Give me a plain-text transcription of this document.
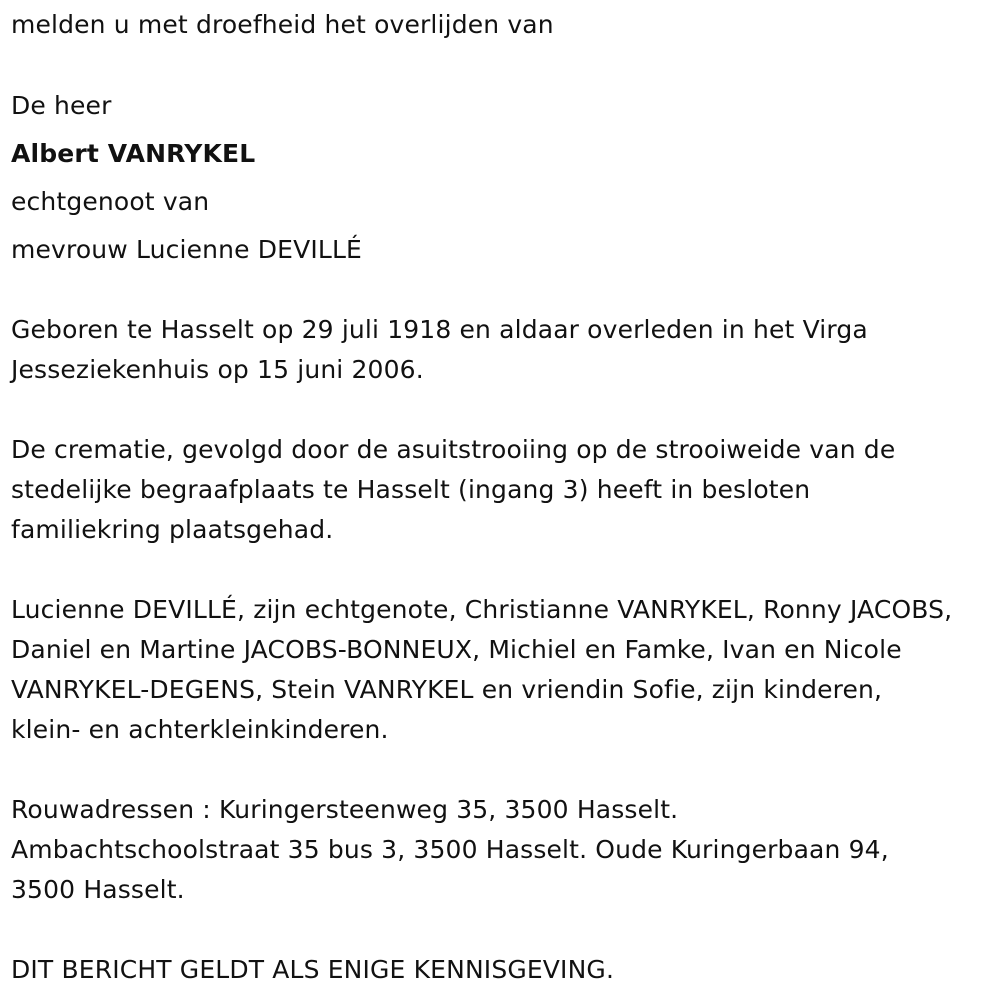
melden u met droefheid het overlijden van
De heer
Albert VANRYKEL
echtgenoot van
mevrouw Lucienne DEVILLÉ
Geboren te Hasselt op 29 juli 1918 en aldaar overleden in het Virga
Jesseziekenhuis op 15 juni 2006.
De crematie, gevolgd door de asuitstrooiing op de strooiweide van de
stedelijke begraafplaats te Hasselt (ingang 3) heeft in besloten
familiekring plaatsgehad.
Lucienne DEVILLÉ, zijn echtgenote, Christianne VANRYKEL, Ronny JACOBS,
Daniel en Martine JACOBS-BONNEUX, Michiel en Famke, Ivan en Nicole
VANRYKEL-DEGENS, Stein VANRYKEL en vriendin Sofie, zijn kinderen,
klein- en achterkleinkinderen.
Rouwadressen : Kuringersteenweg 35, 3500 Hasselt.
Ambachtschoolstraat 35 bus 3, 3500 Hasselt. Oude Kuringerbaan 94,
3500 Hasselt.
DIT BERICHT GELDT ALS ENIGE KENNISGEVING.
